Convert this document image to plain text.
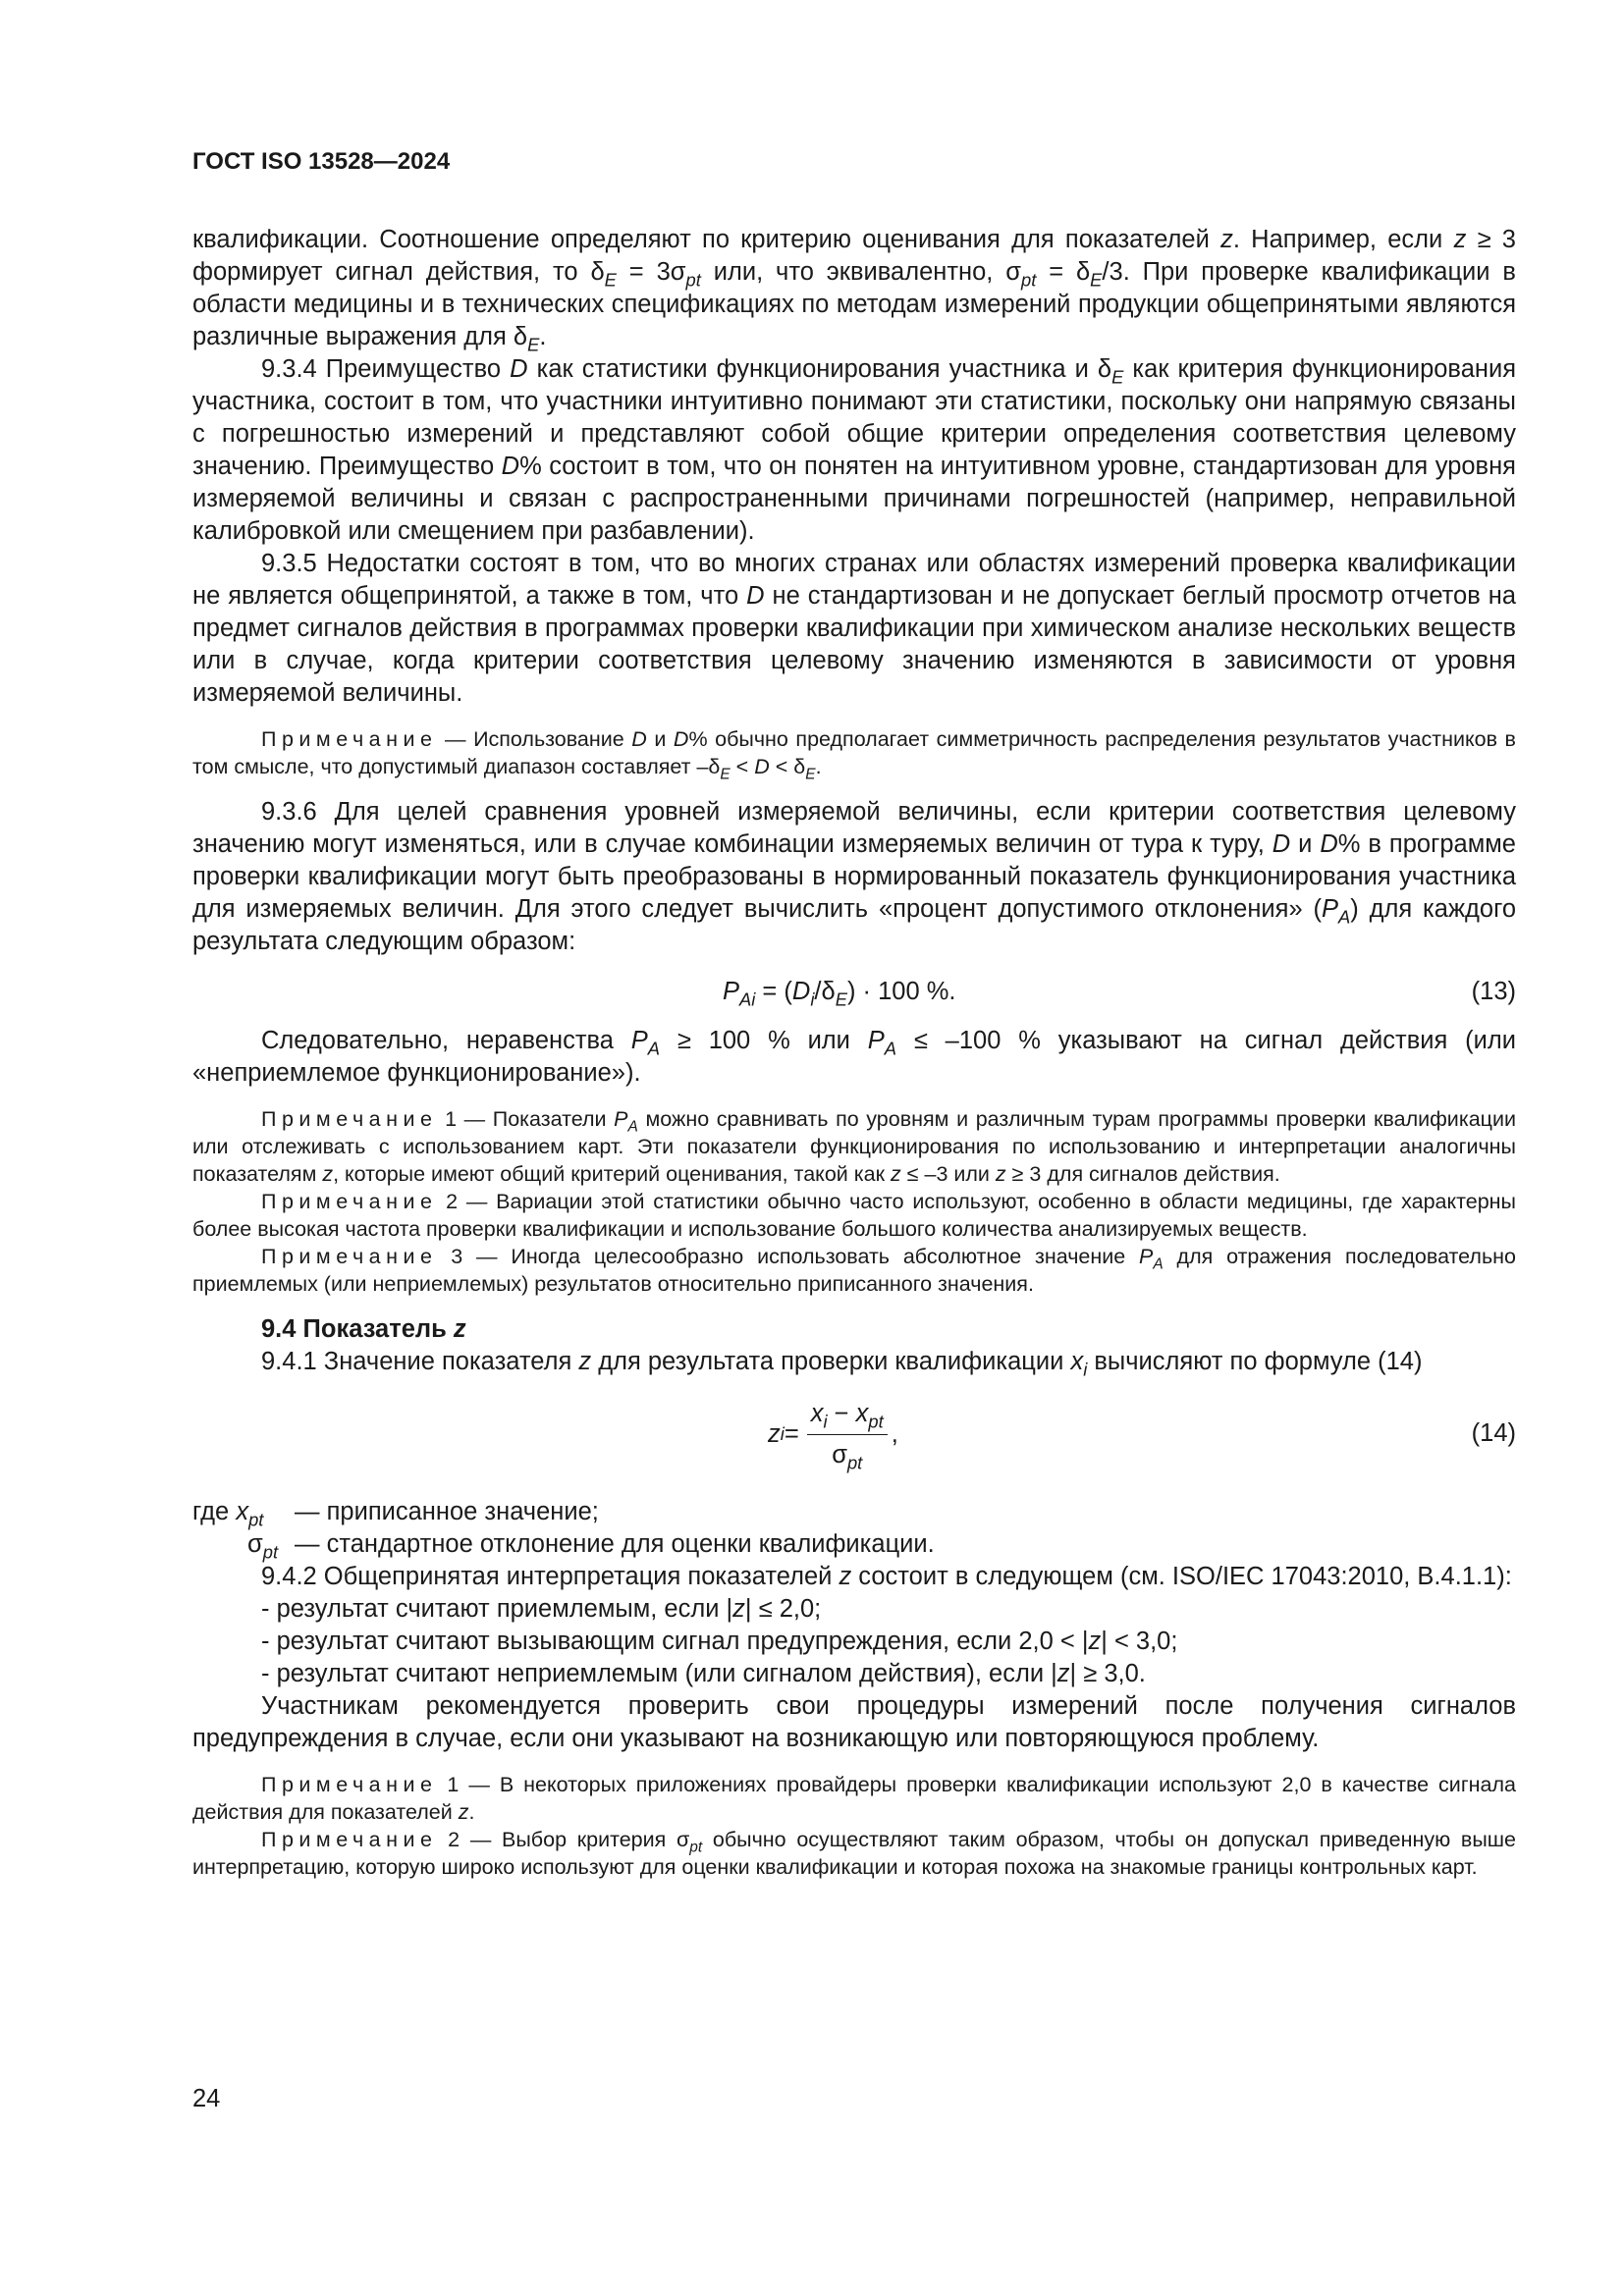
ГОСТ ISO 13528—2024

квалификации. Соотношение определяют по критерию оценивания для показателей z. Например, если z ≥ 3 формирует сигнал действия, то $\delta_E = 3\sigma_{pt}$ или, что эквивалентно, $\sigma_{pt} = \delta_E/3$. При проверке квалификации в области медицины и в технических спецификациях по методам измерений продукции общепринятыми являются различные выражения для $\delta_E$.

9.3.4 Преимущество D как статистики функционирования участника и $\delta_E$ как критерия функционирования участника, состоит в том, что участники интуитивно понимают эти статистики, поскольку они напрямую связаны с погрешностью измерений и представляют собой общие критерии определения соответствия целевому значению. Преимущество D% состоит в том, что он понятен на интуитивном уровне, стандартизован для уровня измеряемой величины и связан с распространенными причинами погрешностей (например, неправильной калибровкой или смещением при разбавлении).

9.3.5 Недостатки состоят в том, что во многих странах или областях измерений проверка квалификации не является общепринятой, а также в том, что D не стандартизован и не допускает беглый просмотр отчетов на предмет сигналов действия в программах проверки квалификации при химическом анализе нескольких веществ или в случае, когда критерии соответствия целевому значению изменяются в зависимости от уровня измеряемой величины.

Примечание — Использование D и D% обычно предполагает симметричность распределения результатов участников в том смысле, что допустимый диапазон составляет $-\delta_E < D < \delta_E$.

9.3.6 Для целей сравнения уровней измеряемой величины, если критерии соответствия целевому значению могут изменяться, или в случае комбинации измеряемых величин от тура к туру, D и D% в программе проверки квалификации могут быть преобразованы в нормированный показатель функционирования участника для измеряемых величин. Для этого следует вычислить «процент допустимого отклонения» $(P_A)$ для каждого результата следующим образом:

$P_{Ai} = (D_i/\delta_E) \cdot 100$ %.	(13)

Следовательно, неравенства $P_A \ge 100$ % или $P_A \le -100$ % указывают на сигнал действия (или «неприемлемое функционирование»).

Примечание 1 — Показатели $P_A$ можно сравнивать по уровням и различным турам программы проверки квалификации или отслеживать с использованием карт. Эти показатели функционирования по использованию и интерпретации аналогичны показателям z, которые имеют общий критерий оценивания, такой как z ≤ –3 или z ≥ 3 для сигналов действия.

Примечание 2 — Вариации этой статистики обычно часто используют, особенно в области медицины, где характерны более высокая частота проверки квалификации и использование большого количества анализируемых веществ.

Примечание 3 — Иногда целесообразно использовать абсолютное значение $P_A$ для отражения последовательно приемлемых (или неприемлемых) результатов относительно приписанного значения.

9.4 Показатель z

9.4.1 Значение показателя z для результата проверки квалификации $x_i$ вычисляют по формуле (14)

z $i = \frac{x_i - x_{pt}}{\sigma_{pt}}$ ,	(14)
где $x_{pt}$	— приписанное значение;
$\sigma_{pt}$ — стандартное отклонение для оценки квалификации.

9.4.2 Общепринятая интерпретация показателей z состоит в следующем (см. ISO/IEC 17043:2010, B.4.1.1):

- результат считают приемлемым, если |z| ≤ 2,0;

- результат считают вызывающим сигнал предупреждения, если 2,0 < |z| < 3,0;

- результат считают неприемлемым (или сигналом действия), если |z| ≥ 3,0.

Участникам рекомендуется проверить свои процедуры измерений после получения сигналов предупреждения в случае, если они указывают на возникающую или повторяющуюся проблему.

Примечание 1 — В некоторых приложениях провайдеры проверки квалификации используют 2,0 в качестве сигнала действия для показателей z.

Примечание 2 — Выбор критерия $\sigma_{pt}$ обычно осуществляют таким образом, чтобы он допускал приведенную выше интерпретацию, которую широко используют для оценки квалификации и которая похожа на знакомые границы контрольных карт.

24
